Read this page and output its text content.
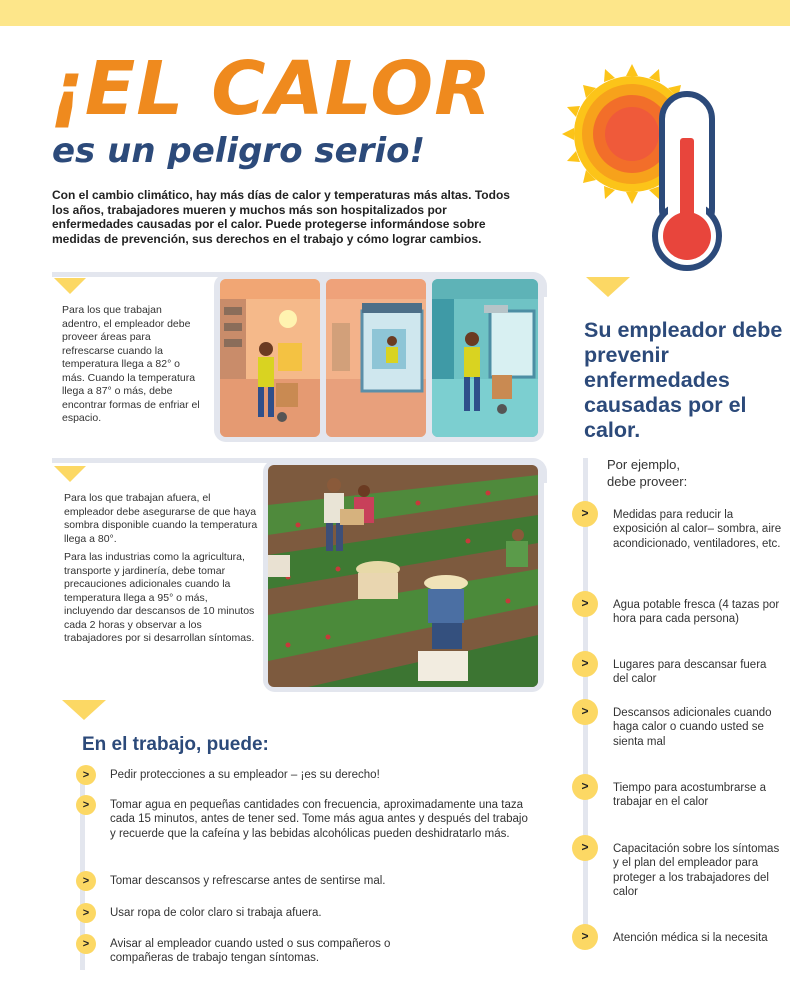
¡EL CALOR
es un peligro serio!

Con el cambio climático, hay más días de calor y temperaturas más altas. Todos los años, trabajadores mueren y muchos más son hospitalizados por enfermedades causadas por el calor. Puede protegerse informándose sobre medidas de prevención, sus derechos en el trabajo y cómo lograr cambios.

Para los que trabajan adentro, el empleador debe proveer áreas para refrescarse cuando la temperatura llega a 82° o más. Cuando la temperatura llega a 87° o más, debe encontrar formas de enfriar el espacio.

Para los que trabajan afuera, el empleador debe asegurarse de que haya sombra disponible cuando la temperatura llega a 80°.

Para las industrias como la agricultura, transporte y jardinería, debe tomar precauciones adicionales cuando la temperatura llega a 95° o más, incluyendo dar descansos de 10 minutos cada 2 horas y observar a los trabajadores por si desarrollan síntomas.

Su empleador debe prevenir enfermedades causadas por el calor.
Por ejemplo,
debe proveer:
>	Medidas para reducir la exposición al calor– sombra, aire acondicionado, ventiladores, etc.
>	Agua potable fresca (4 tazas por hora para cada persona)
>	Lugares para descansar fuera del calor
>	Descansos adicionales cuando haga calor o cuando usted se sienta mal
>	Tiempo para acostumbrarse a trabajar en el calor
>	Capacitación sobre los síntomas y el plan del empleador para proteger a los trabajadores del calor
>	Atención médica si la necesita
En el trabajo, puede:
>	Pedir protecciones a su empleador – ¡es su derecho!
>	Tomar agua en pequeñas cantidades con frecuencia, aproximadamente una taza cada 15 minutos, antes de tener sed. Tome más agua antes y después del trabajo y recuerde que la cafeína y las bebidas alcohólicas pueden deshidratarlo más.
>	Tomar descansos y refrescarse antes de sentirse mal.
>	Usar ropa de color claro si trabaja afuera.
>	Avisar al empleador cuando usted o sus compañeros o compañeras de trabajo tengan síntomas.
